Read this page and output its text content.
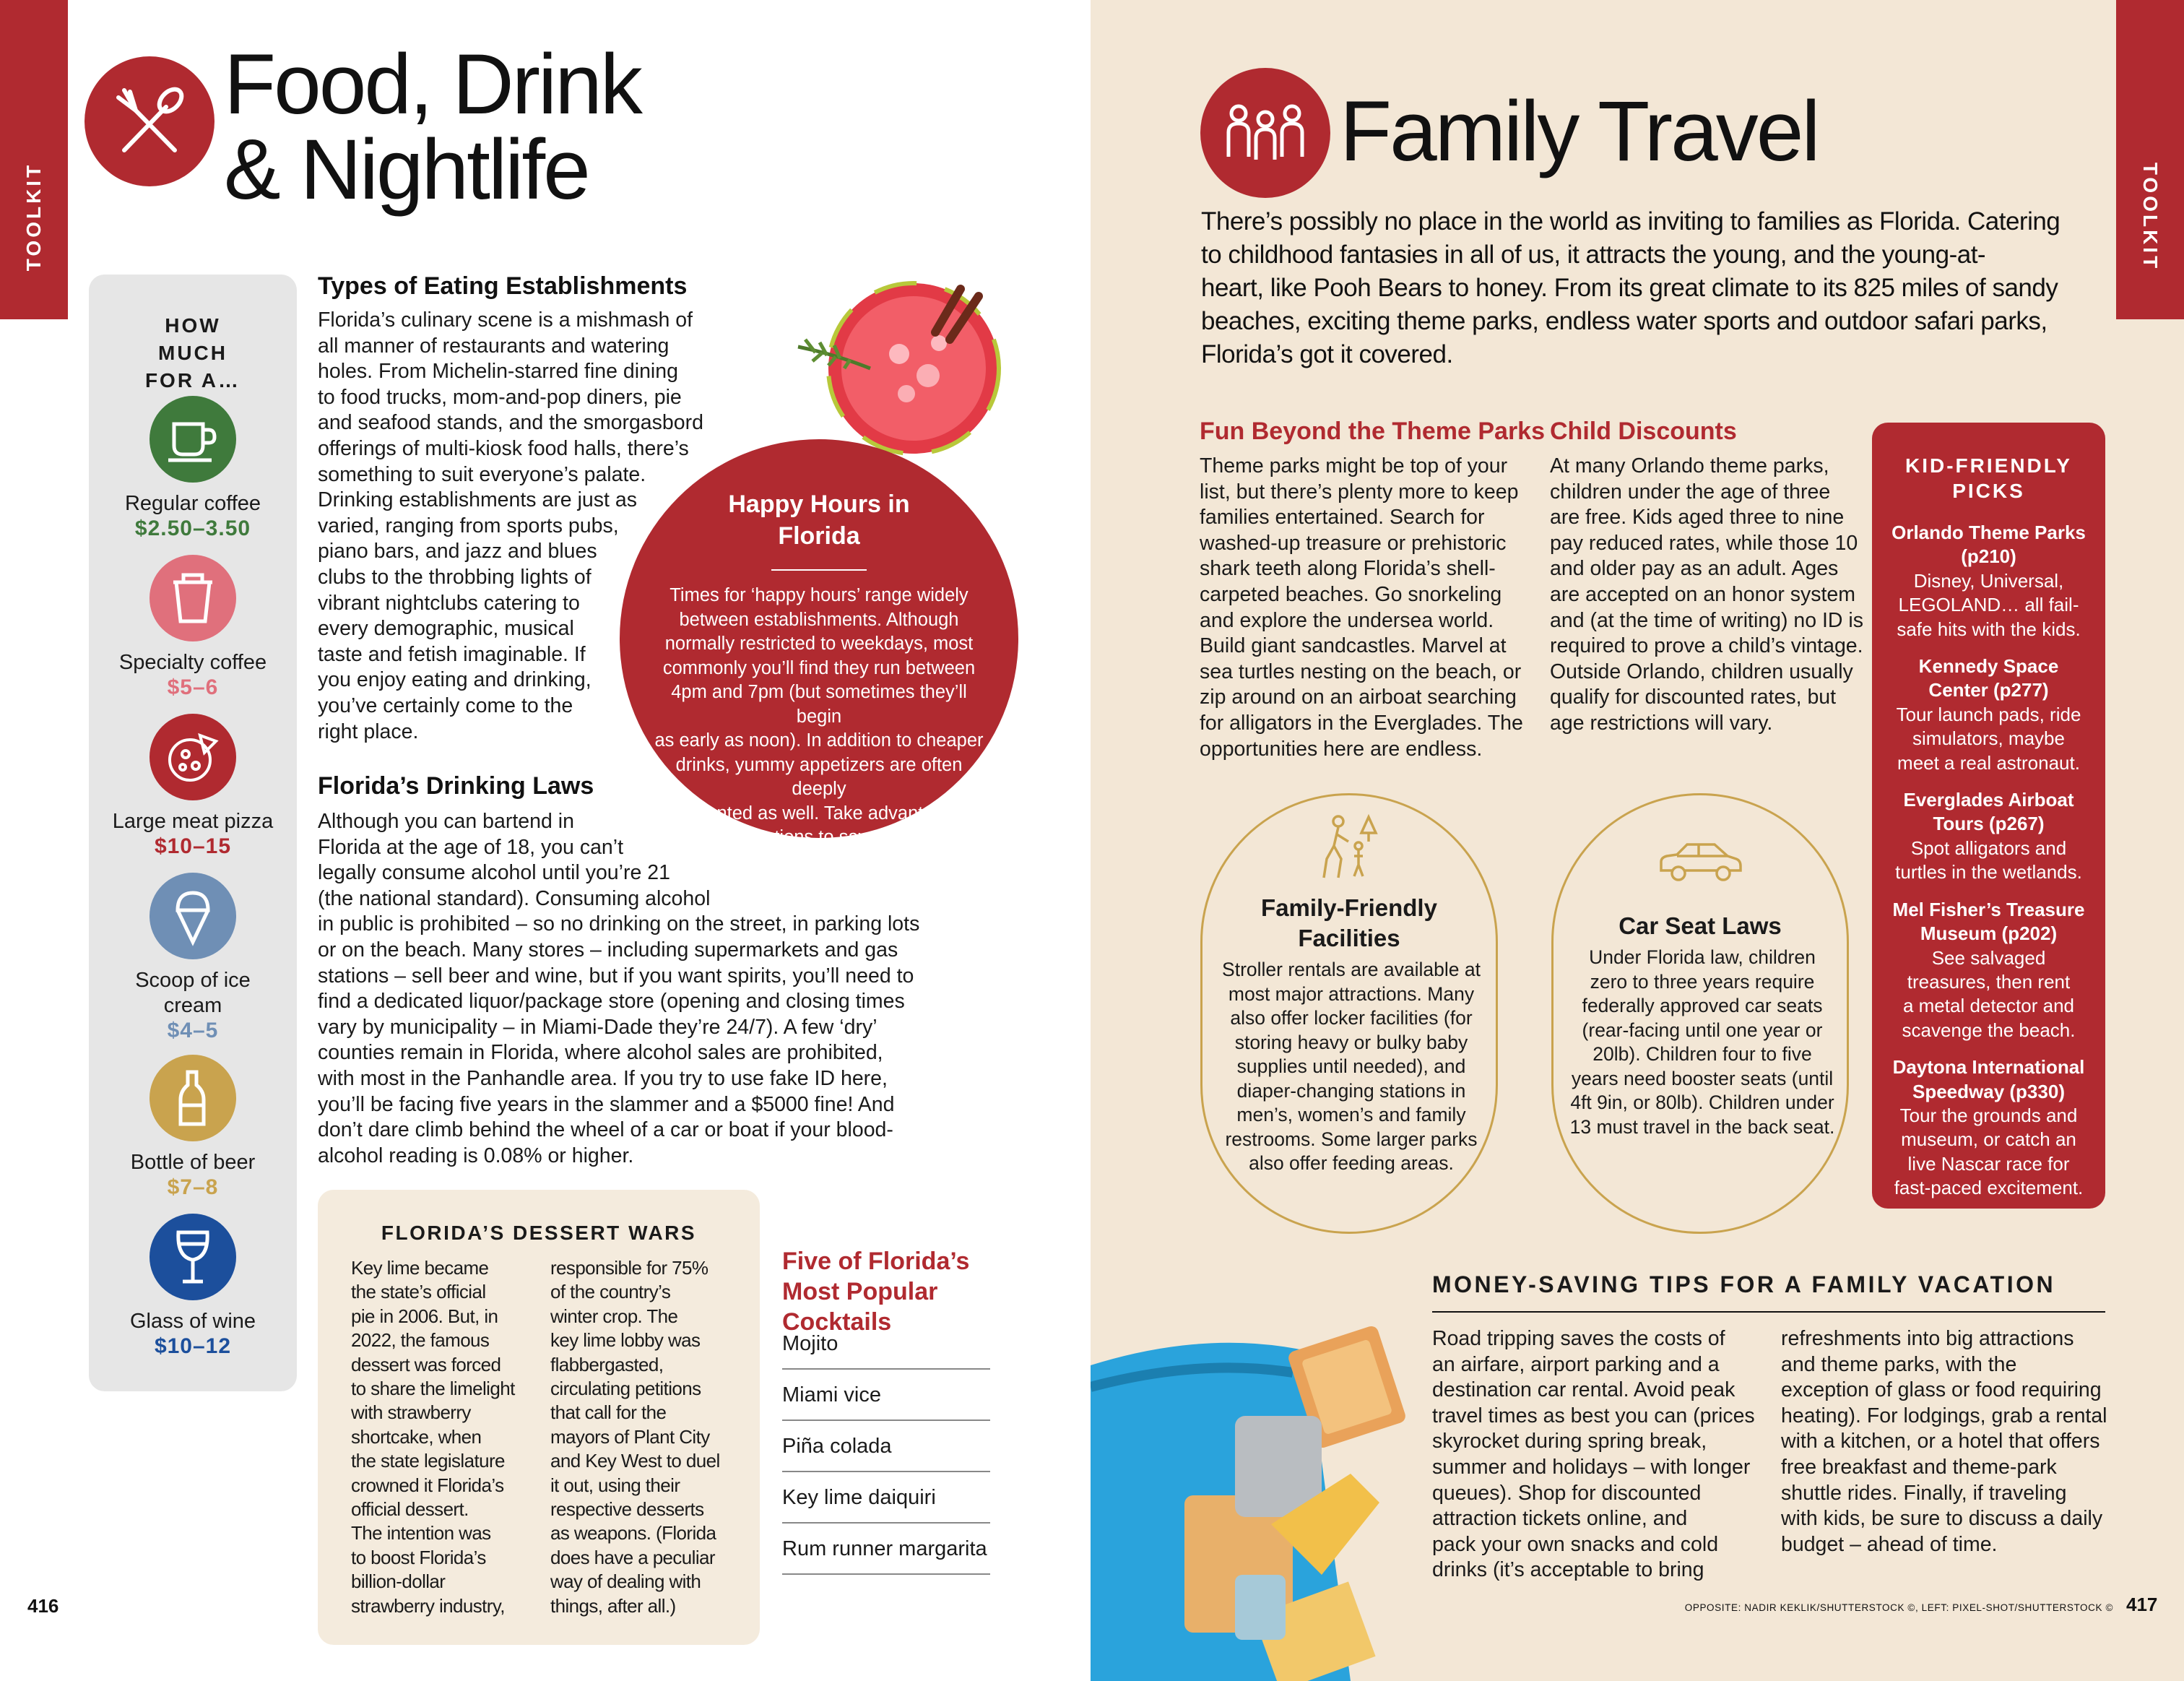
TOOLKIT
Food, Drink
& Nightlife
HOW MUCH FOR A…
Regular coffee
$2.50–3.50
Specialty coffee
$5–6
Large meat pizza
$10–15
Scoop of ice cream
$4–5
Bottle of beer
$7–8
Glass of wine
$10–12
Types of Eating Establishments
Florida’s culinary scene is a mishmash of
all manner of restaurants and watering
holes. From Michelin-starred fine dining
to food trucks, mom-and-pop diners, pie
and seafood stands, and the smorgasbord
offerings of multi-kiosk food halls, there’s
something to suit everyone’s palate.
Drinking establishments are just as
varied, ranging from sports pubs,
piano bars, and jazz and blues
clubs to the throbbing lights of
vibrant nightclubs catering to
every demographic, musical
taste and fetish imaginable. If
you enjoy eating and drinking,
you’ve certainly come to the
right place.
Happy Hours in
Florida
Times for ‘happy hours’ range widely
between establishments. Although
normally restricted to weekdays, most
commonly you’ll find they run between
4pm and 7pm (but sometimes they’ll begin
as early as noon). In addition to cheaper
drinks, yummy appetizers are often deeply
discounted as well. Take advantage of
these promotions to save up to 50%
off your bar tab at participating
bars and restaurants.
Florida’s Drinking Laws
Although you can bartend in
Florida at the age of 18, you can’t
legally consume alcohol until you’re 21
(the national standard). Consuming alcohol
in public is prohibited – so no drinking on the street, in parking lots
or on the beach. Many stores – including supermarkets and gas
stations – sell beer and wine, but if you want spirits, you’ll need to
find a dedicated liquor/package store (opening and closing times
vary by municipality – in Miami-Dade they’re 24/7). A few ‘dry’
counties remain in Florida, where alcohol sales are prohibited,
with most in the Panhandle area. If you try to use fake ID here,
you’ll be facing five years in the slammer and a $5000 fine! And
don’t dare climb behind the wheel of a car or boat if your blood-
alcohol reading is 0.08% or higher.
FLORIDA’S DESSERT WARS
Key lime became
the state’s official
pie in 2006. But, in
2022, the famous
dessert was forced
to share the limelight
with strawberry
shortcake, when
the state legislature
crowned it Florida’s
official dessert.
The intention was
to boost Florida’s
billion-dollar
strawberry industry,
responsible for 75%
of the country’s
winter crop. The
key lime lobby was
flabbergasted,
circulating petitions
that call for the
mayors of Plant City
and Key West to duel
it out, using their
respective desserts
as weapons. (Florida
does have a peculiar
way of dealing with
things, after all.)
Five of Florida’s
Most Popular
Cocktails
Mojito
Miami vice
Piña colada
Key lime daiquiri
Rum runner margarita
416
TOOLKIT
Family Travel
There’s possibly no place in the world as inviting to families as Florida. Catering
to childhood fantasies in all of us, it attracts the young, and the young-at-
heart, like Pooh Bears to honey. From its great climate to its 825 miles of sandy
beaches, exciting theme parks, endless water sports and outdoor safari parks,
Florida’s got it covered.
Fun Beyond the Theme Parks
Theme parks might be top of your
list, but there’s plenty more to keep
families entertained. Search for
washed-up treasure or prehistoric
shark teeth along Florida’s shell-
carpeted beaches. Go snorkeling
and explore the undersea world.
Build giant sandcastles. Marvel at
sea turtles nesting on the beach, or
zip around on an airboat searching
for alligators in the Everglades. The
opportunities here are endless.
Child Discounts
At many Orlando theme parks,
children under the age of three
are free. Kids aged three to nine
pay reduced rates, while those 10
and older pay as an adult. Ages
are accepted on an honor system
and (at the time of writing) no ID is
required to prove a child’s vintage.
Outside Orlando, children usually
qualify for discounted rates, but
age restrictions will vary.
KID-FRIENDLY
PICKS
Orlando Theme Parks
(p210)
Disney, Universal,
LEGOLAND… all fail-
safe hits with the kids.
Kennedy Space
Center (p277)
Tour launch pads, ride
simulators, maybe
meet a real astronaut.
Everglades Airboat
Tours (p267)
Spot alligators and
turtles in the wetlands.
Mel Fisher’s Treasure
Museum (p202)
See salvaged
treasures, then rent
a metal detector and
scavenge the beach.
Daytona International
Speedway (p330)
Tour the grounds and
museum, or catch an
live Nascar race for
fast-paced excitement.
Family-Friendly
Facilities
Stroller rentals are available at
most major attractions. Many
also offer locker facilities (for
storing heavy or bulky baby
supplies until needed), and
diaper-changing stations in
men’s, women’s and family
restrooms. Some larger parks
also offer feeding areas.
Car Seat Laws
Under Florida law, children
zero to three years require
federally approved car seats
(rear-facing until one year or
20lb). Children four to five
years need booster seats (until
4ft 9in, or 80lb). Children under
13 must travel in the back seat.
MONEY-SAVING TIPS FOR A FAMILY VACATION
Road tripping saves the costs of
an airfare, airport parking and a
destination car rental. Avoid peak
travel times as best you can (prices
skyrocket during spring break,
summer and holidays – with longer
queues). Shop for discounted
attraction tickets online, and
pack your own snacks and cold
drinks (it’s acceptable to bring
refreshments into big attractions
and theme parks, with the
exception of glass or food requiring
heating). For lodgings, grab a rental
with a kitchen, or a hotel that offers
free breakfast and theme-park
shuttle rides. Finally, if traveling
with kids, be sure to discuss a daily
budget – ahead of time.
OPPOSITE: NADIR KEKLIK/SHUTTERSTOCK ©, LEFT: PIXEL-SHOT/SHUTTERSTOCK © 417
